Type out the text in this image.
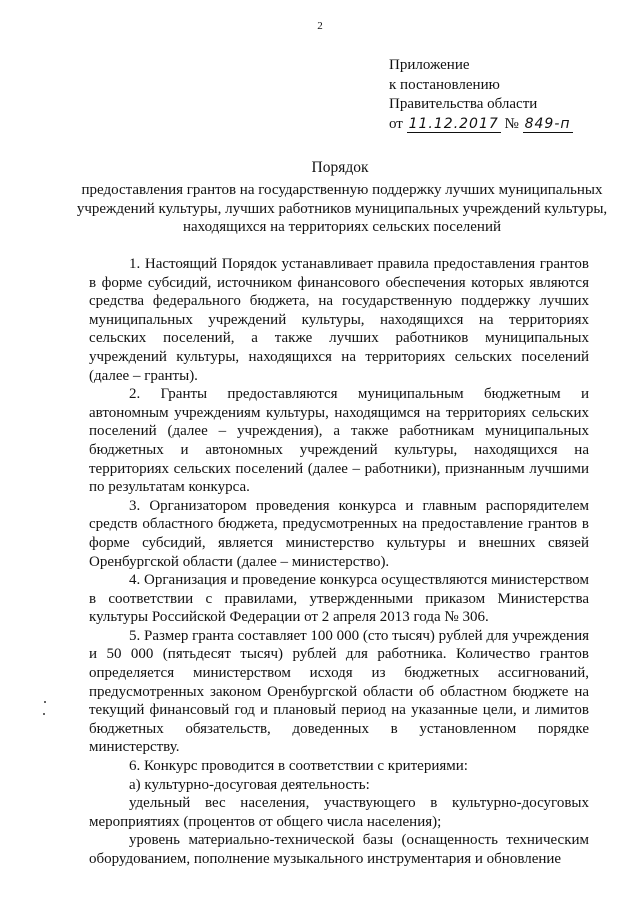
2
Приложение
к постановлению
Правительства области
от 11.12.2017 № 849-п
Порядок
предоставления грантов на государственную поддержку лучших муниципальных учреждений культуры, лучших работников муниципальных учреждений культуры, находящихся на территориях сельских поселений

1. Настоящий Порядок устанавливает правила предоставления грантов в форме субсидий, источником финансового обеспечения которых являются средства федерального бюджета, на государственную поддержку лучших муниципальных учреждений культуры, находящихся на территориях сельских поселений, а также лучших работников муниципальных учреждений культуры, находящихся на территориях сельских поселений (далее – гранты).

2. Гранты предоставляются муниципальным бюджетным и автономным учреждениям культуры, находящимся на территориях сельских поселений (далее – учреждения), а также работникам муниципальных бюджетных и автономных учреждений культуры, находящихся на территориях сельских поселений (далее – работники), признанным лучшими по результатам конкурса.

3. Организатором проведения конкурса и главным распорядителем средств областного бюджета, предусмотренных на предоставление грантов в форме субсидий, является министерство культуры и внешних связей Оренбургской области (далее – министерство).

4. Организация и проведение конкурса осуществляются министерством в соответствии с правилами, утвержденными приказом Министерства культуры Российской Федерации от 2 апреля 2013 года № 306.

5. Размер гранта составляет 100 000 (сто тысяч) рублей для учреждения и 50 000 (пятьдесят тысяч) рублей для работника. Количество грантов определяется министерством исходя из бюджетных ассигнований, предусмотренных законом Оренбургской области об областном бюджете на текущий финансовый год и плановый период на указанные цели, и лимитов бюджетных обязательств, доведенных в установленном порядке министерству.

6. Конкурс проводится в соответствии с критериями:

а) культурно-досуговая деятельность:

удельный вес населения, участвующего в культурно-досуговых мероприятиях (процентов от общего числа населения);

уровень материально-технической базы (оснащенность техническим оборудованием, пополнение музыкального инструментария и обновление
